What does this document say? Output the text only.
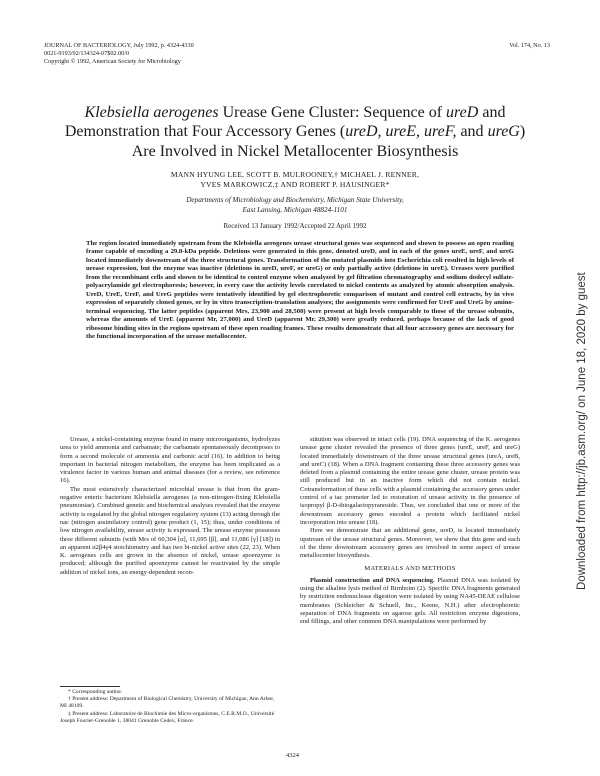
JOURNAL OF BACTERIOLOGY, July 1992, p. 4324-4330
0021-9193/92/134324-07$02.00/0
Copyright © 1992, American Society for Microbiology
Vol. 174, No. 13
Klebsiella aerogenes Urease Gene Cluster: Sequence of ureD and Demonstration that Four Accessory Genes (ureD, ureE, ureF, and ureG) Are Involved in Nickel Metallocenter Biosynthesis
MANN HYUNG LEE, SCOTT B. MULROONEY,† MICHAEL J. RENNER,
YVES MARKOWICZ,‡ AND ROBERT P. HAUSINGER*
Departments of Microbiology and Biochemistry, Michigan State University,
East Lansing, Michigan 48824-1101
Received 13 January 1992/Accepted 22 April 1992
The region located immediately upstream from the Klebsiella aerogenes urease structural genes was sequenced and shown to possess an open reading frame capable of encoding a 29.8-kDa peptide. Deletions were generated in this gene, denoted ureD, and in each of the genes ureE, ureF, and ureG located immediately downstream of the three structural genes. Transformation of the mutated plasmids into Escherichia coli resulted in high levels of urease expression, but the enzyme was inactive (deletions in ureD, ureF, or ureG) or only partially active (deletions in ureE). Ureases were purified from the recombinant cells and shown to be identical to control enzyme when analyzed by gel filtration chromatography and sodium dodecyl sulfate-polyacrylamide gel electrophoresis; however, in every case the activity levels correlated to nickel contents as analyzed by atomic absorption analysis. UreD, UreE, UreF, and UreG peptides were tentatively identified by gel electrophoretic comparison of mutant and control cell extracts, by in vivo expression of separately cloned genes, or by in vitro transcription-translation analyses; the assignments were confirmed for UreF and UreG by amino-terminal sequencing. The latter peptides (apparent Mrs, 23,900 and 28,500) were present at high levels comparable to those of the urease subunits, whereas the amounts of UreE (apparent Mr, 27,000) and UreD (apparent Mr, 29,300) were greatly reduced, perhaps because of the lack of good ribosome binding sites in the regions upstream of these open reading frames. These results demonstrate that all four accessory genes are necessary for the functional incorporation of the urease metallocenter.

Urease, a nickel-containing enzyme found in many microorganisms, hydrolyzes urea to yield ammonia and carbamate; the carbamate spontaneously decomposes to form a second molecule of ammonia and carbonic acid (16). In addition to being important in bacterial nitrogen metabolism, the enzyme has been implicated as a virulence factor in various human and animal diseases (for a review, see reference 16).

The most extensively characterized microbial urease is that from the gram-negative enteric bacterium Klebsiella aerogenes (a non-nitrogen-fixing Klebsiella pneumoniae). Combined genetic and biochemical analyses revealed that the enzyme activity is regulated by the global nitrogen regulatory system (13) acting through the nac (nitrogen assimilatory control) gene product (1, 15); thus, under conditions of low nitrogen availability, urease activity is expressed. The urease enzyme possesses three different subunits (with Mrs of 60,304 [α], 11,695 [β], and 11,086 [γ] [18]) in an apparent α2β4γ4 stoichiometry and has two bi-nickel active sites (22, 23). When K. aerogenes cells are grown in the absence of nickel, urease apoenzyme is produced; although the purified apoenzyme cannot be reactivated by the simple addition of nickel ions, an energy-dependent recon-

stitution was observed in intact cells (19). DNA sequencing of the K. aerogenes urease gene cluster revealed the presence of three genes (ureE, ureF, and ureG) located immediately downstream of the three urease structural genes (ureA, ureB, and ureC) (18). When a DNA fragment containing these three accessory genes was deleted from a plasmid containing the entire urease gene cluster, urease protein was still produced but in an inactive form which did not contain nickel. Cotransformation of these cells with a plasmid containing the accessory genes under control of a tac promoter led to restoration of urease activity in the presence of isopropyl β-D-thiogalactopyranoside. Thus, we concluded that one or more of the downstream accessory genes encoded a protein which facilitated nickel incorporation into urease (18).

Here we demonstrate that an additional gene, ureD, is located immediately upstream of the urease structural genes. Moreover, we show that this gene and each of the three downstream accessory genes are involved in some aspect of urease metallocenter biosynthesis.

MATERIALS AND METHODS

Plasmid construction and DNA sequencing. Plasmid DNA was isolated by using the alkaline lysis method of Birnboim (2). Specific DNA fragments generated by restriction endonuclease digestion were isolated by using NA45-DEAE cellulose membranes (Schleicher & Schuell, Inc., Keene, N.H.) after electrophoretic separation of DNA fragments on agarose gels. All restriction enzyme digestions, end fillings, and other common DNA manipulations were performed by

* Corresponding author.
† Present address: Department of Biological Chemistry, University of Michigan, Ann Arbor, MI 48109.
‡ Present address: Laboratoire de Biochimie des Micro-organismes, C.E.R.M.O., Université Joseph Fourier-Grenoble 1, 38041 Grenoble Cedex, France.
4324
Downloaded from http://jb.asm.org/ on June 18, 2020 by guest
